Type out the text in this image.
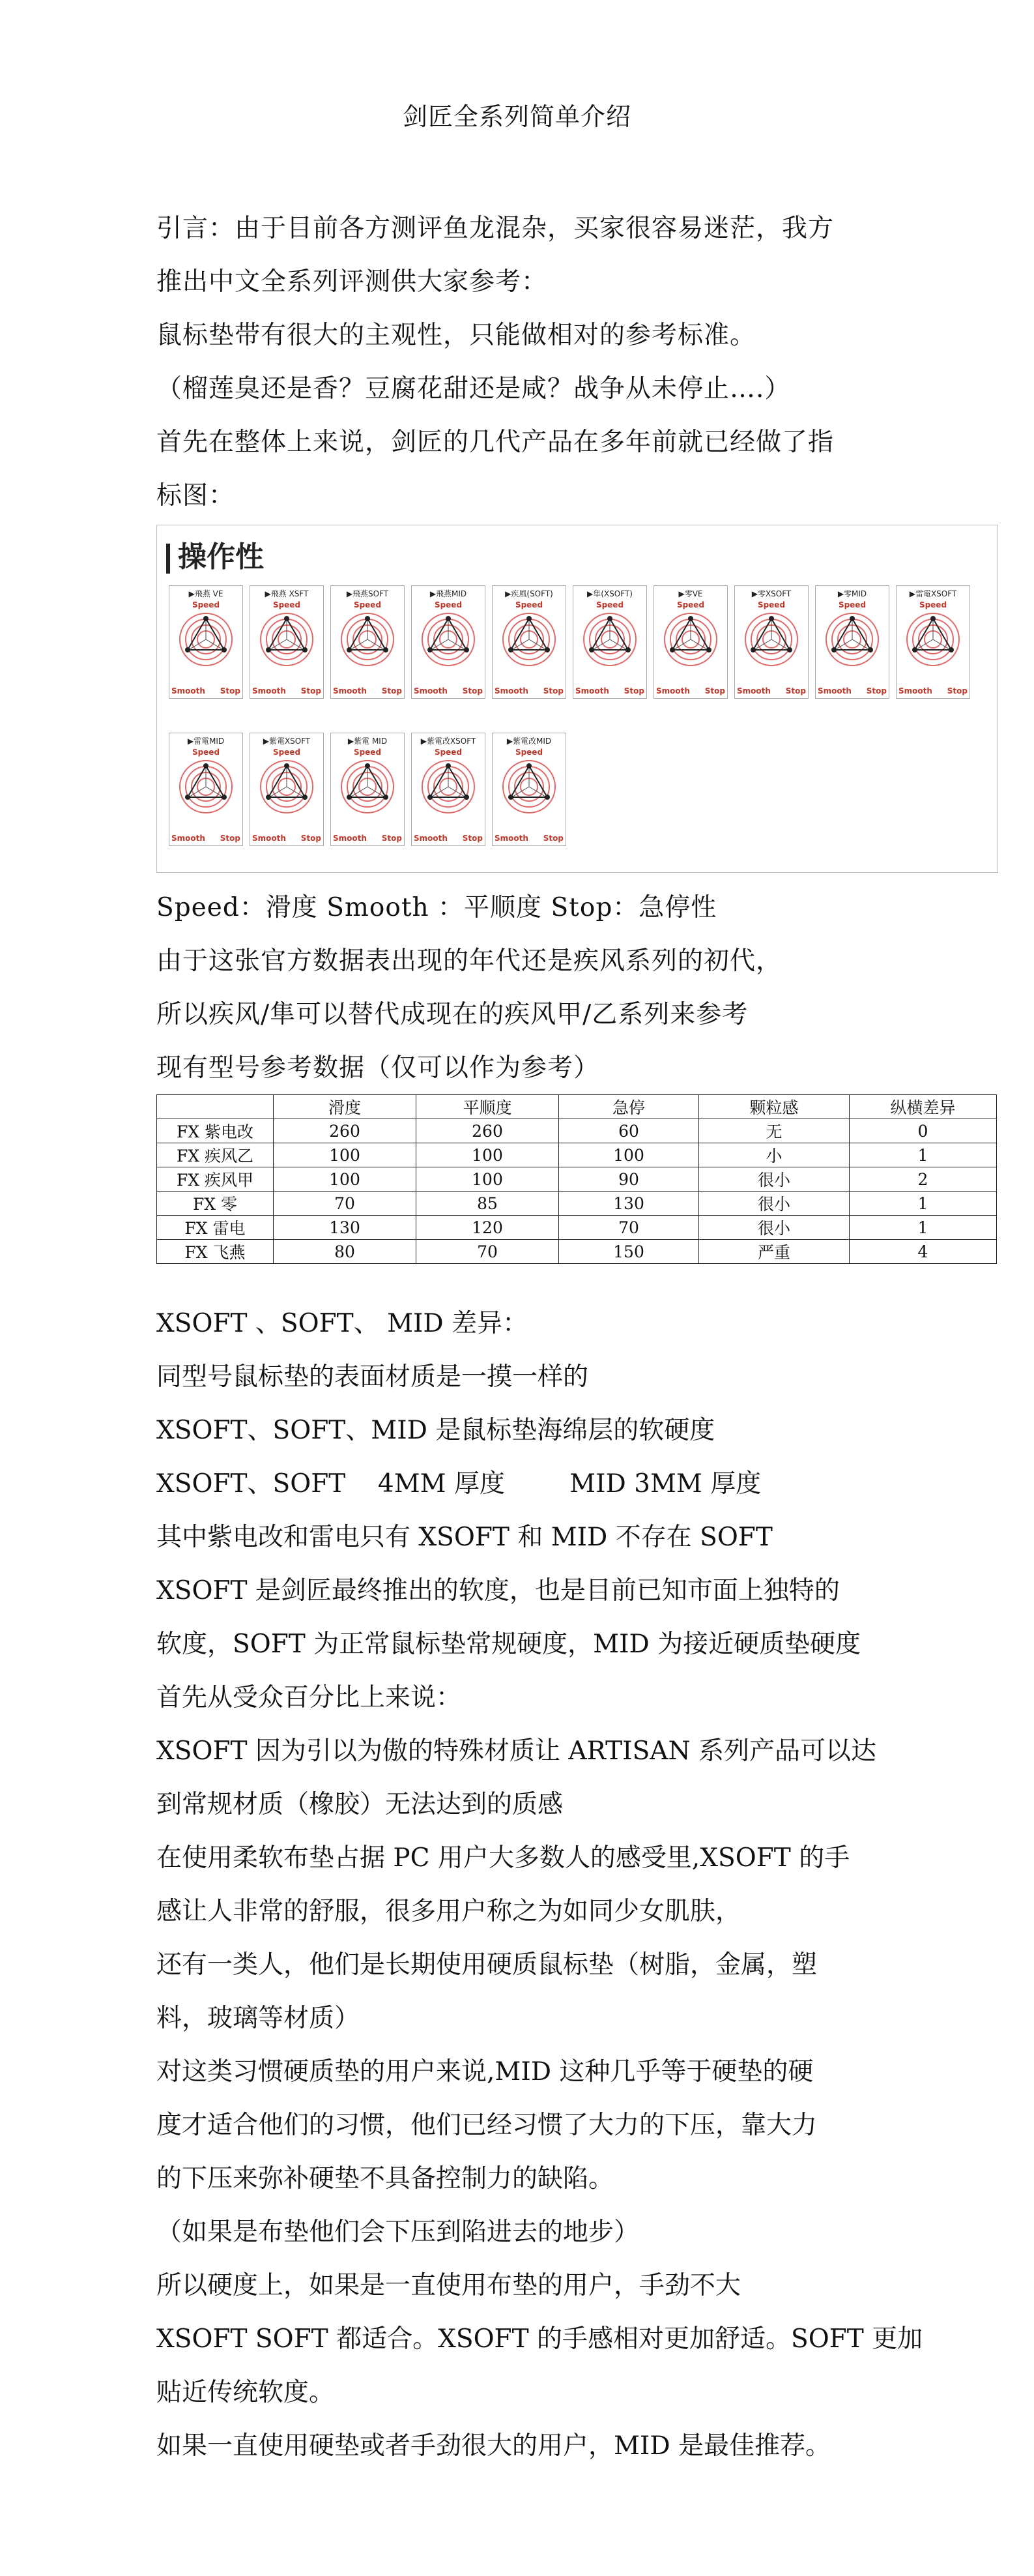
剑匠全系列简单介绍
引言：由于目前各方测评鱼龙混杂，买家很容易迷茫，我方
推出中文全系列评测供大家参考：
鼠标垫带有很大的主观性，只能做相对的参考标准。
（榴莲臭还是香？豆腐花甜还是咸？战争从未停止….）
首先在整体上来说，剑匠的几代产品在多年前就已经做了指
标图：
操作性
▶飛燕 VE
Speed
Smooth Stop
▶飛燕 XSFT
Speed
Smooth Stop
▶飛燕SOFT
Speed
Smooth Stop
▶飛燕MID
Speed
Smooth Stop
▶疾風(SOFT)
Speed
Smooth Stop
▶隼(XSOFT)
Speed
Smooth Stop
▶零VE
Speed
Smooth Stop
▶零XSOFT
Speed
Smooth Stop
▶零MID
Speed
Smooth Stop
▶雷電XSOFT
Speed
Smooth Stop
▶雷電MID
Speed
Smooth Stop
▶紫電XSOFT
Speed
Smooth Stop
▶紫電 MID
Speed
Smooth Stop
▶紫電改XSOFT
Speed
Smooth Stop
▶紫電改MID
Speed
Smooth Stop
Speed：滑度 Smooth ：平顺度 Stop：急停性
由于这张官方数据表出现的年代还是疾风系列的初代，
所以疾风/隼可以替代成现在的疾风甲/乙系列来参考
现有型号参考数据（仅可以作为参考）
	滑度	平顺度	急停	颗粒感	纵横差异
FX 紫电改	260	260	60	无	0
FX 疾风乙	100	100	100	小	1
FX 疾风甲	100	100	90	很小	2
FX 零	70	85	130	很小	1
FX 雷电	130	120	70	很小	1
FX 飞燕	80	70	150	严重	4
XSOFT 、SOFT、 MID 差异：
同型号鼠标垫的表面材质是一摸一样的
XSOFT、SOFT、MID 是鼠标垫海绵层的软硬度
XSOFT、SOFT    4MM 厚度        MID 3MM 厚度
其中紫电改和雷电只有 XSOFT 和 MID 不存在 SOFT
XSOFT 是剑匠最终推出的软度，也是目前已知市面上独特的
软度，SOFT 为正常鼠标垫常规硬度，MID 为接近硬质垫硬度
首先从受众百分比上来说：
XSOFT 因为引以为傲的特殊材质让 ARTISAN 系列产品可以达
到常规材质（橡胶）无法达到的质感
在使用柔软布垫占据 PC 用户大多数人的感受里,XSOFT 的手
感让人非常的舒服，很多用户称之为如同少女肌肤，
还有一类人，他们是长期使用硬质鼠标垫（树脂，金属，塑
料，玻璃等材质）
对这类习惯硬质垫的用户来说,MID 这种几乎等于硬垫的硬
度才适合他们的习惯，他们已经习惯了大力的下压，靠大力
的下压来弥补硬垫不具备控制力的缺陷。
（如果是布垫他们会下压到陷进去的地步）
所以硬度上，如果是一直使用布垫的用户，手劲不大
XSOFT SOFT 都适合。XSOFT 的手感相对更加舒适。SOFT 更加
贴近传统软度。
如果一直使用硬垫或者手劲很大的用户，MID 是最佳推荐。
